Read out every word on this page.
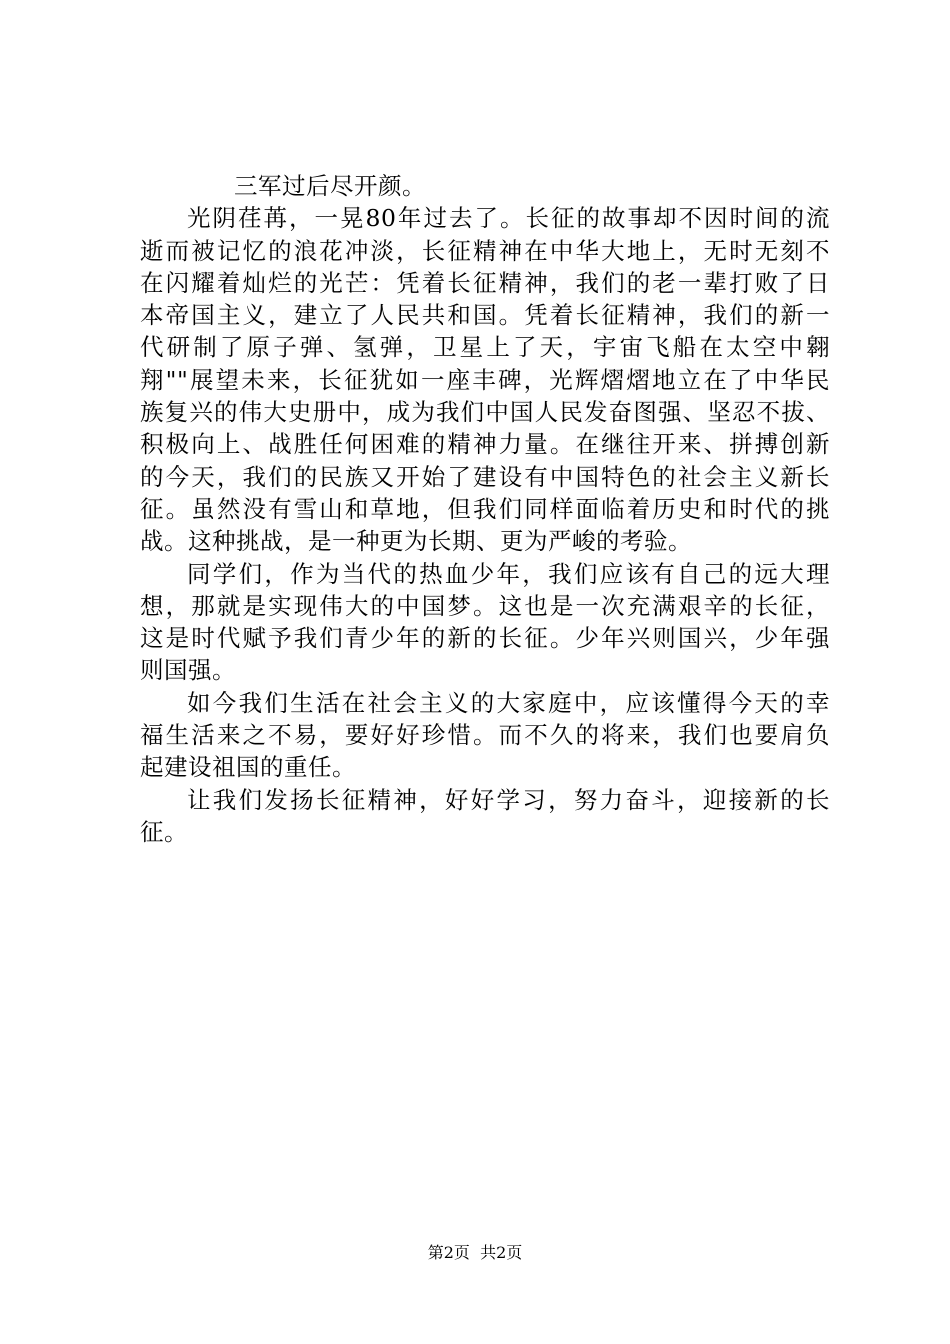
三军过后尽开颜。

光阴荏苒，一晃80年过去了。长征的故事却不因时间的流
逝而被记忆的浪花冲淡，长征精神在中华大地上，无时无刻不
在闪耀着灿烂的光芒：凭着长征精神，我们的老一辈打败了日
本帝国主义，建立了人民共和国。凭着长征精神，我们的新一
代研制了原子弹、氢弹，卫星上了天，宇宙飞船在太空中翱
翔""展望未来，长征犹如一座丰碑，光辉熠熠地立在了中华民
族复兴的伟大史册中，成为我们中国人民发奋图强、坚忍不拔、
积极向上、战胜任何困难的精神力量。在继往开来、拼搏创新
的今天，我们的民族又开始了建设有中国特色的社会主义新长
征。虽然没有雪山和草地，但我们同样面临着历史和时代的挑
战。这种挑战，是一种更为长期、更为严峻的考验。

同学们，作为当代的热血少年，我们应该有自己的远大理
想，那就是实现伟大的中国梦。这也是一次充满艰辛的长征，
这是时代赋予我们青少年的新的长征。少年兴则国兴，少年强
则国强。

如今我们生活在社会主义的大家庭中，应该懂得今天的幸
福生活来之不易，要好好珍惜。而不久的将来，我们也要肩负
起建设祖国的重任。

让我们发扬长征精神，好好学习，努力奋斗，迎接新的长
征。

第2页  共2页
